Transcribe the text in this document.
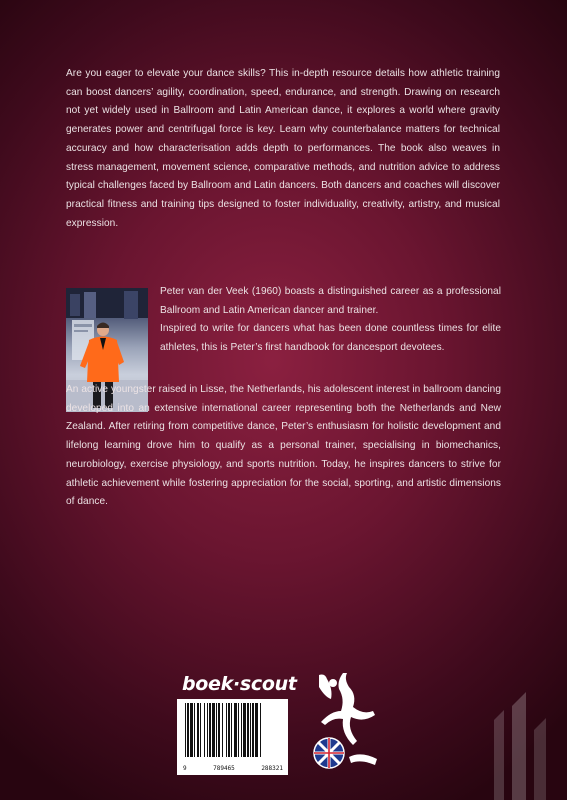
Are you eager to elevate your dance skills? This in-depth resource details how athletic training can boost dancers’ agility, coordination, speed, endurance, and strength. Drawing on research not yet widely used in Ballroom and Latin American dance, it explores a world where gravity generates power and centrifugal force is key. Learn why counterbalance matters for technical accuracy and how characterisation adds depth to performances. The book also weaves in stress management, movement science, comparative methods, and nutrition advice to address typical challenges faced by Ballroom and Latin dancers. Both dancers and coaches will discover practical fitness and training tips designed to foster individuality, creativity, artistry, and musical expression.

Peter van der Veek (1960) boasts a distinguished career as a professional Ballroom and Latin American dancer and trainer.

Inspired to write for dancers what has been done countless times for elite athletes, this is Peter’s first handbook for dancesport devotees.

An active youngster raised in Lisse, the Netherlands, his adolescent interest in ballroom dancing developed into an extensive international career representing both the Netherlands and New Zealand. After retiring from competitive dance, Peter’s enthusiasm for holistic development and lifelong learning drove him to qualify as a personal trainer, specialising in biomechanics, neurobiology, exercise physiology, and sports nutrition. Today, he inspires dancers to strive for athletic achievement while fostering appreciation for the social, sporting, and artistic dimensions of dance.

boek·scout
9	789465	288321
